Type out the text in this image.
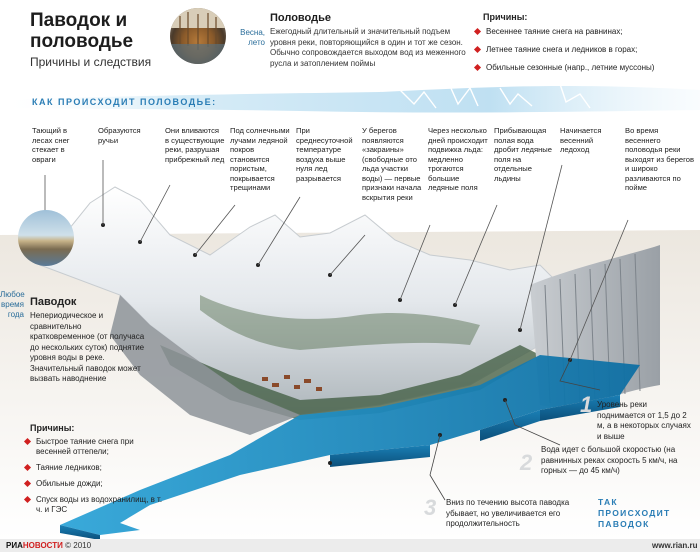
Паводок и половодье
Причины и следствия
Весна, лето
Половодье
Ежегодный длительный и значительный подъем уровня реки, повторяющийся в один и тот же сезон. Обычно сопровождается выходом вод из меженного русла и затоплением поймы
Причины:
Весеннее таяние снега на равнинах;
Летнее таяние снега и ледников в горах;
Обильные сезонные (напр., летние муссоны)
КАК ПРОИСХОДИТ ПОЛОВОДЬЕ:
Тающий в лесах снег стекает в овраги
Образуются ручьи
Они вливаются в существующие реки, разрушая прибрежный лед
Под солнечными лучами ледяной покров становится пористым, покрывается трещинами
При среднесуточной температуре воздуха выше нуля лед разрывается
У берегов появляются «закраины» (свободные ото льда участки воды) — первые признаки начала вскрытия реки
Через несколько дней происходит подвижка льда: медленно трогаются большие ледяные поля
Прибывающая полая вода дробит ледяные поля на отдельные льдины
Начинается весенний ледоход
Во время весеннего половодья реки выходят из берегов и широко разливаются по пойме
Любое время года
Паводок
Непериодическое и сравнительно кратковременное (от получаса до нескольких суток) поднятие уровня воды в реке. Значительный паводок может вызвать наводнение
Причины:
Быстрое таяние снега при весенней оттепели;
Таяние ледников;
Обильные дожди;
Спуск воды из водохранилищ, в т. ч. и ГЭС
1 Уровень реки поднимается от 1,5 до 2 м, а в некоторых случаях и выше
2
Вода идет с большой скоростью (на равнинных реках скорость 5 км/ч, на горных — до 45 км/ч)
3 Вниз по течению высота паводка убывает, но увеличивается его продолжительность
ТАК ПРОИСХОДИТ ПАВОДОК
РИАНОВОСТИ © 2010	www.rian.ru
